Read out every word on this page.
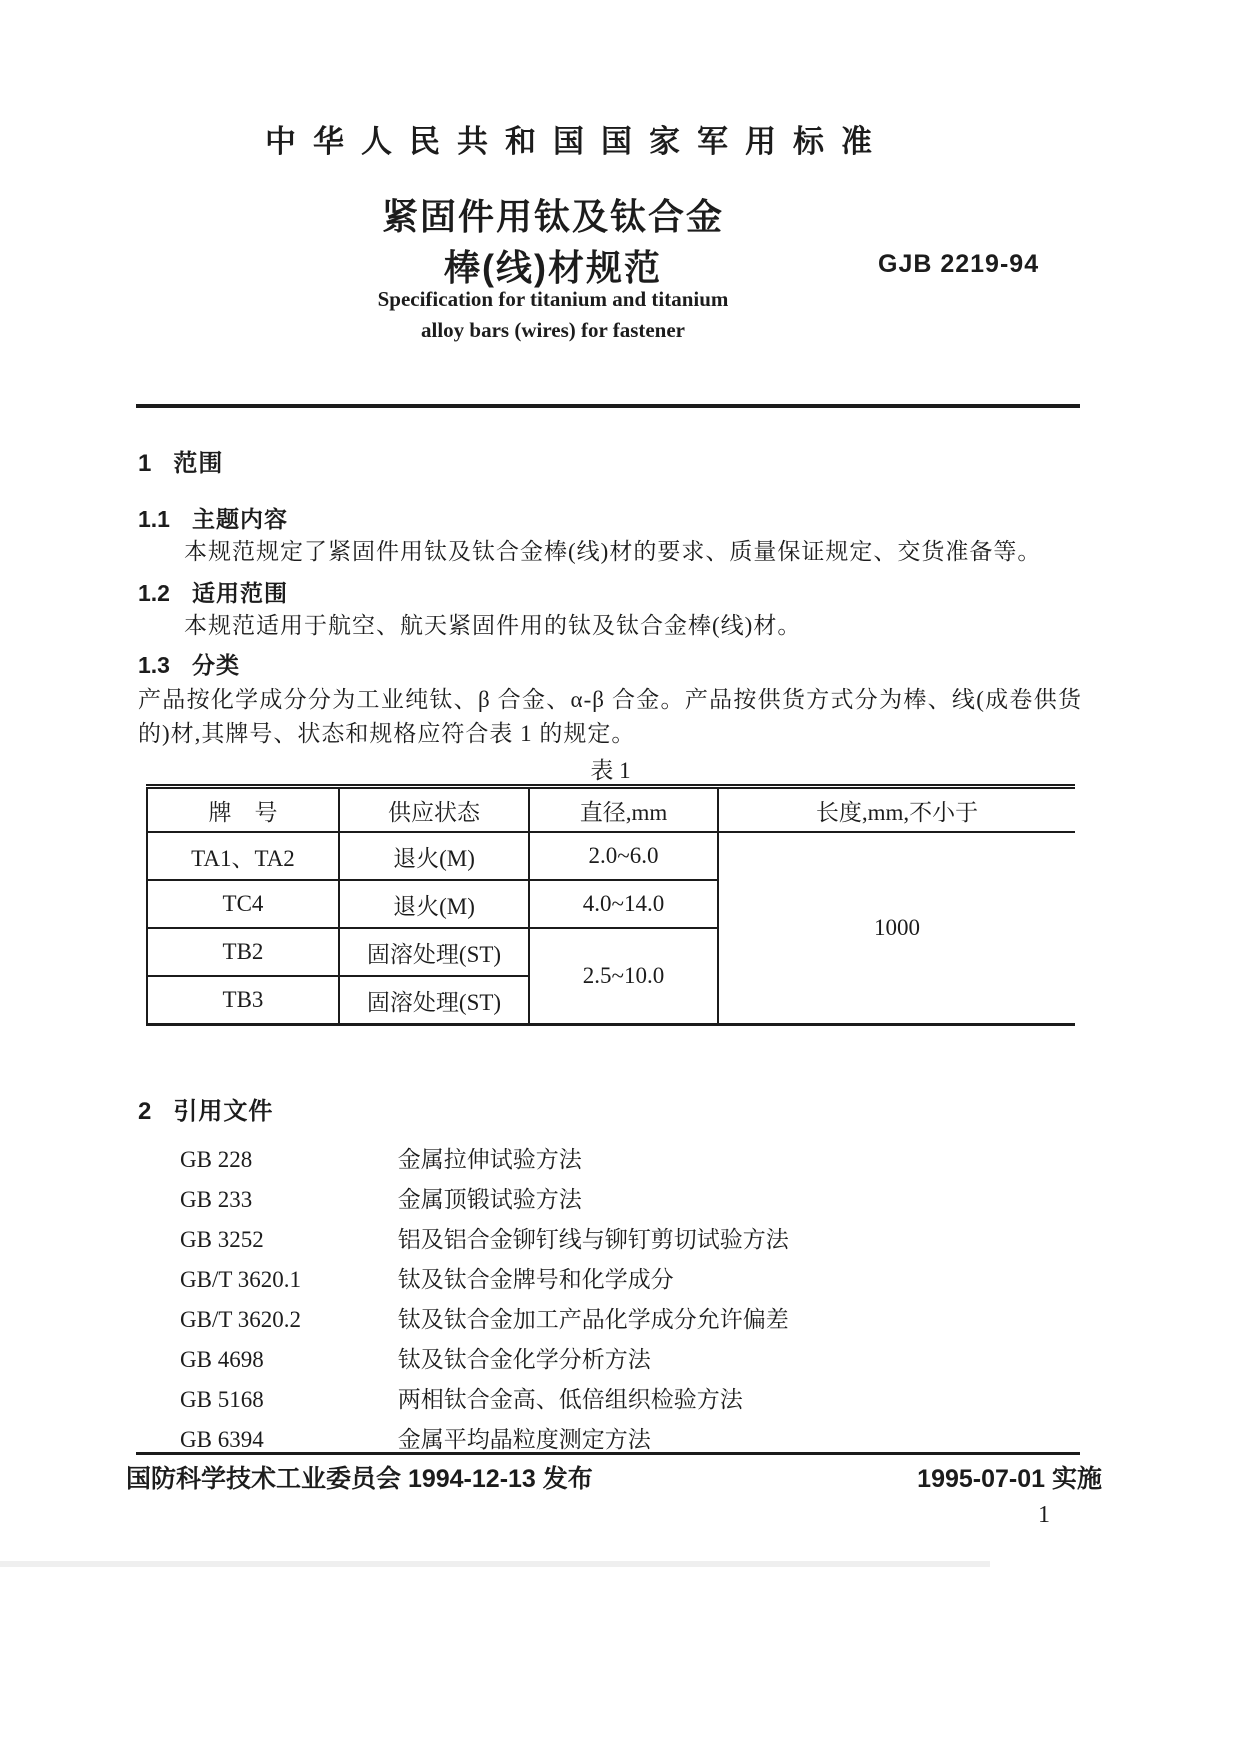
中华人民共和国国家军用标准
紧固件用钛及钛合金
棒(线)材规范	GJB 2219-94
Specification for titanium and titanium
alloy bars (wires) for fastener
1 范围
1.1 主题内容
本规范规定了紧固件用钛及钛合金棒(线)材的要求、质量保证规定、交货准备等。
1.2 适用范围
本规范适用于航空、航天紧固件用的钛及钛合金棒(线)材。
1.3 分类
产品按化学成分分为工业纯钛、β 合金、α-β 合金。产品按供货方式分为棒、线(成卷供货
的)材,其牌号、状态和规格应符合表 1 的规定。
表 1
牌　号	供应状态	直径,mm	长度,mm,不小于
TA1、TA2	退火(M)	2.0~6.0	1000
TC4	退火(M)	4.0~14.0	
TB2	固溶处理(ST)	2.5~10.0	
TB3	固溶处理(ST)		
2 引用文件
GB 228	金属拉伸试验方法
GB 233	金属顶锻试验方法
GB 3252	铝及铝合金铆钉线与铆钉剪切试验方法
GB/T 3620.1	钛及钛合金牌号和化学成分
GB/T 3620.2	钛及钛合金加工产品化学成分允许偏差
GB 4698	钛及钛合金化学分析方法
GB 5168	两相钛合金高、低倍组织检验方法
GB 6394	金属平均晶粒度测定方法
国防科学技术工业委员会 1994-12-13 发布	1995-07-01 实施
1
